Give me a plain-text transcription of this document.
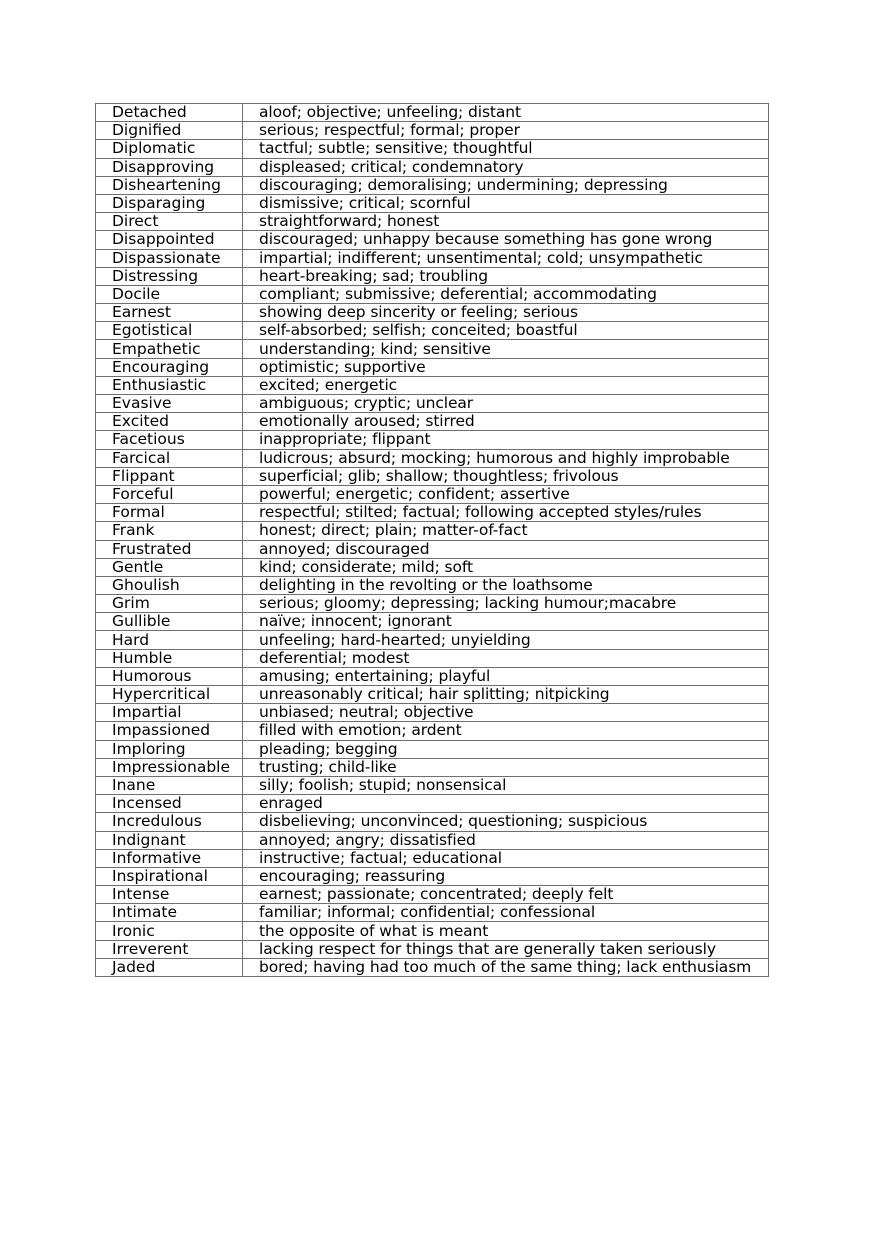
Detached	aloof; objective; unfeeling; distant
Dignified	serious; respectful; formal; proper
Diplomatic	tactful; subtle; sensitive; thoughtful
Disapproving	displeased; critical; condemnatory
Disheartening	discouraging; demoralising; undermining; depressing
Disparaging	dismissive; critical; scornful
Direct	straightforward; honest
Disappointed	discouraged; unhappy because something has gone wrong
Dispassionate	impartial; indifferent; unsentimental; cold; unsympathetic
Distressing	heart-breaking; sad; troubling
Docile	compliant; submissive; deferential; accommodating
Earnest	showing deep sincerity or feeling; serious
Egotistical	self-absorbed; selfish; conceited; boastful
Empathetic	understanding; kind; sensitive
Encouraging	optimistic; supportive
Enthusiastic	excited; energetic
Evasive	ambiguous; cryptic; unclear
Excited	emotionally aroused; stirred
Facetious	inappropriate; flippant
Farcical	ludicrous; absurd; mocking; humorous and highly improbable
Flippant	superficial; glib; shallow; thoughtless; frivolous
Forceful	powerful; energetic; confident; assertive
Formal	respectful; stilted; factual; following accepted styles/rules
Frank	honest; direct; plain; matter-of-fact
Frustrated	annoyed; discouraged
Gentle	kind; considerate; mild; soft
Ghoulish	delighting in the revolting or the loathsome
Grim	serious; gloomy; depressing; lacking humour;macabre
Gullible	naïve; innocent; ignorant
Hard	unfeeling; hard-hearted; unyielding
Humble	deferential; modest
Humorous	amusing; entertaining; playful
Hypercritical	unreasonably critical; hair splitting; nitpicking
Impartial	unbiased; neutral; objective
Impassioned	filled with emotion; ardent
Imploring	pleading; begging
Impressionable	trusting; child-like
Inane	silly; foolish; stupid; nonsensical
Incensed	enraged
Incredulous	disbelieving; unconvinced; questioning; suspicious
Indignant	annoyed; angry; dissatisfied
Informative	instructive; factual; educational
Inspirational	encouraging; reassuring
Intense	earnest; passionate; concentrated; deeply felt
Intimate	familiar; informal; confidential; confessional
Ironic	the opposite of what is meant
Irreverent	lacking respect for things that are generally taken seriously
Jaded	bored; having had too much of the same thing; lack enthusiasm
